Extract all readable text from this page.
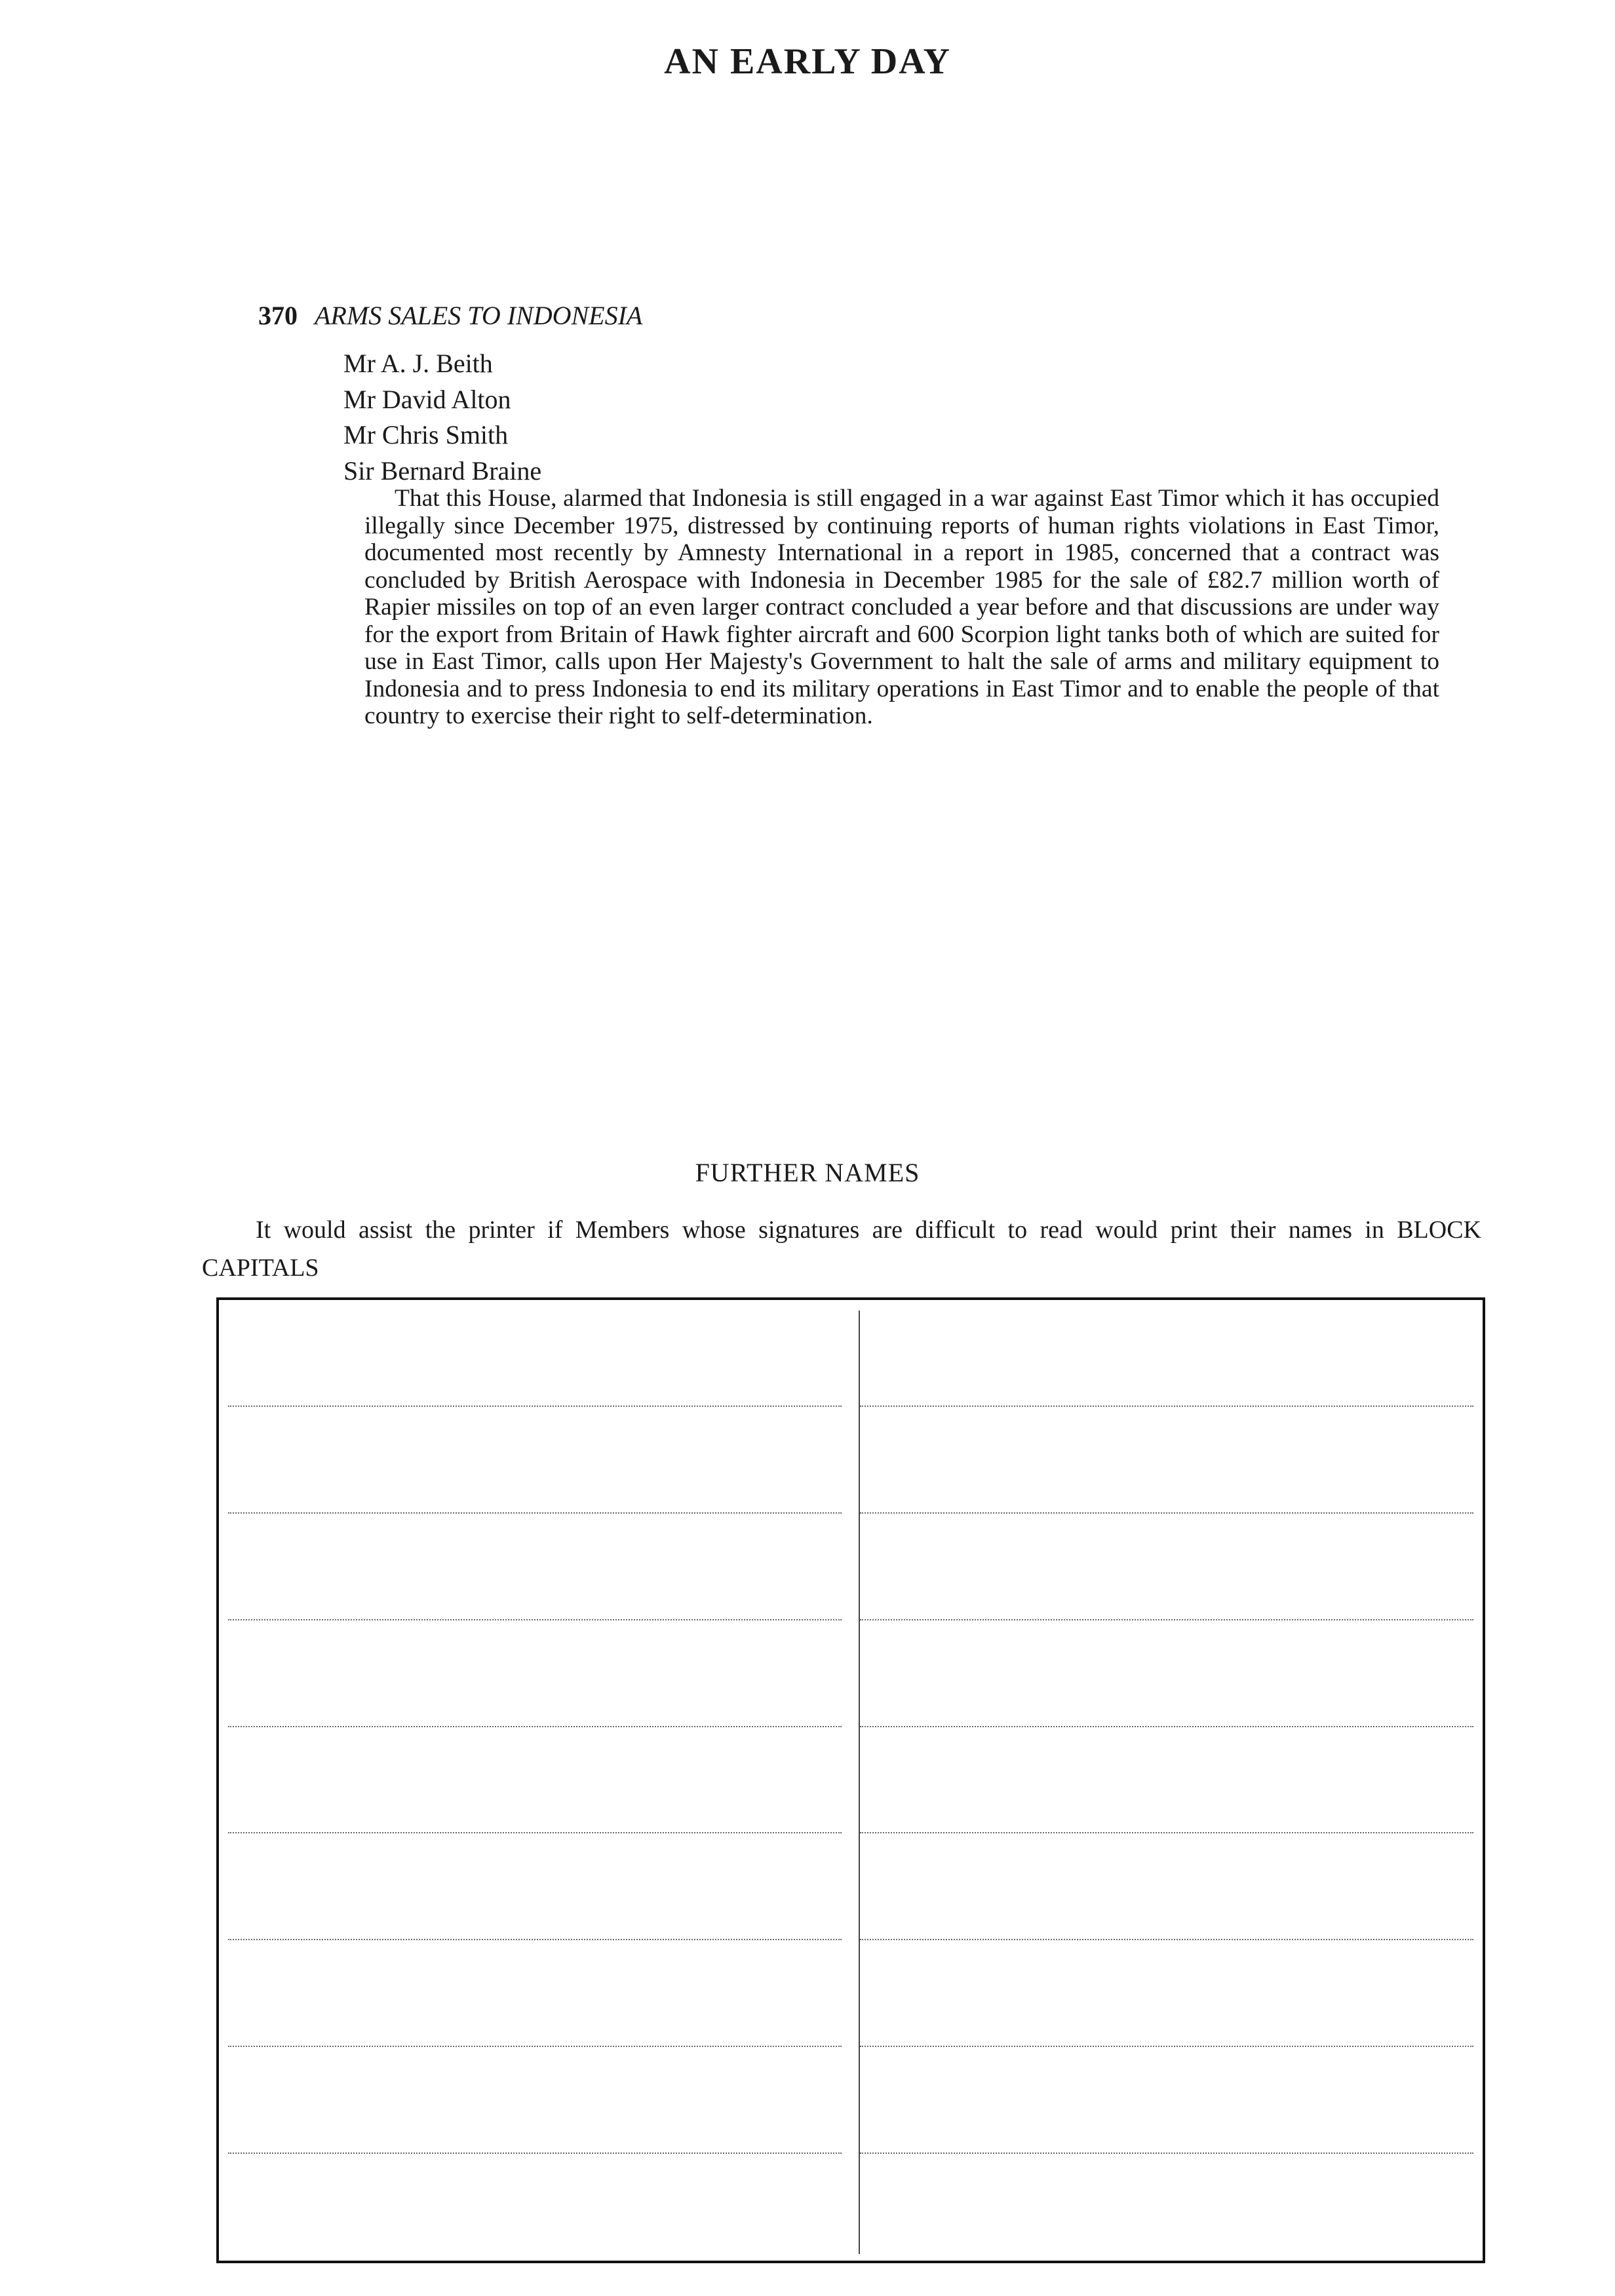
AN EARLY DAY
370 ARMS SALES TO INDONESIA
Mr A. J. Beith
Mr David Alton
Mr Chris Smith
Sir Bernard Braine

That this House, alarmed that Indonesia is still engaged in a war against East Timor which it has occupied illegally since December 1975, distressed by continuing reports of human rights violations in East Timor, documented most recently by Amnesty International in a report in 1985, concerned that a contract was concluded by British Aerospace with Indonesia in December 1985 for the sale of £82.7 million worth of Rapier missiles on top of an even larger contract concluded a year before and that discussions are under way for the export from Britain of Hawk fighter aircraft and 600 Scorpion light tanks both of which are suited for use in East Timor, calls upon Her Majesty's Government to halt the sale of arms and military equipment to Indonesia and to press Indonesia to end its military operations in East Timor and to enable the people of that country to exercise their right to self-determination.

FURTHER NAMES

It would assist the printer if Members whose signatures are difficult to read would print their names in BLOCK CAPITALS
